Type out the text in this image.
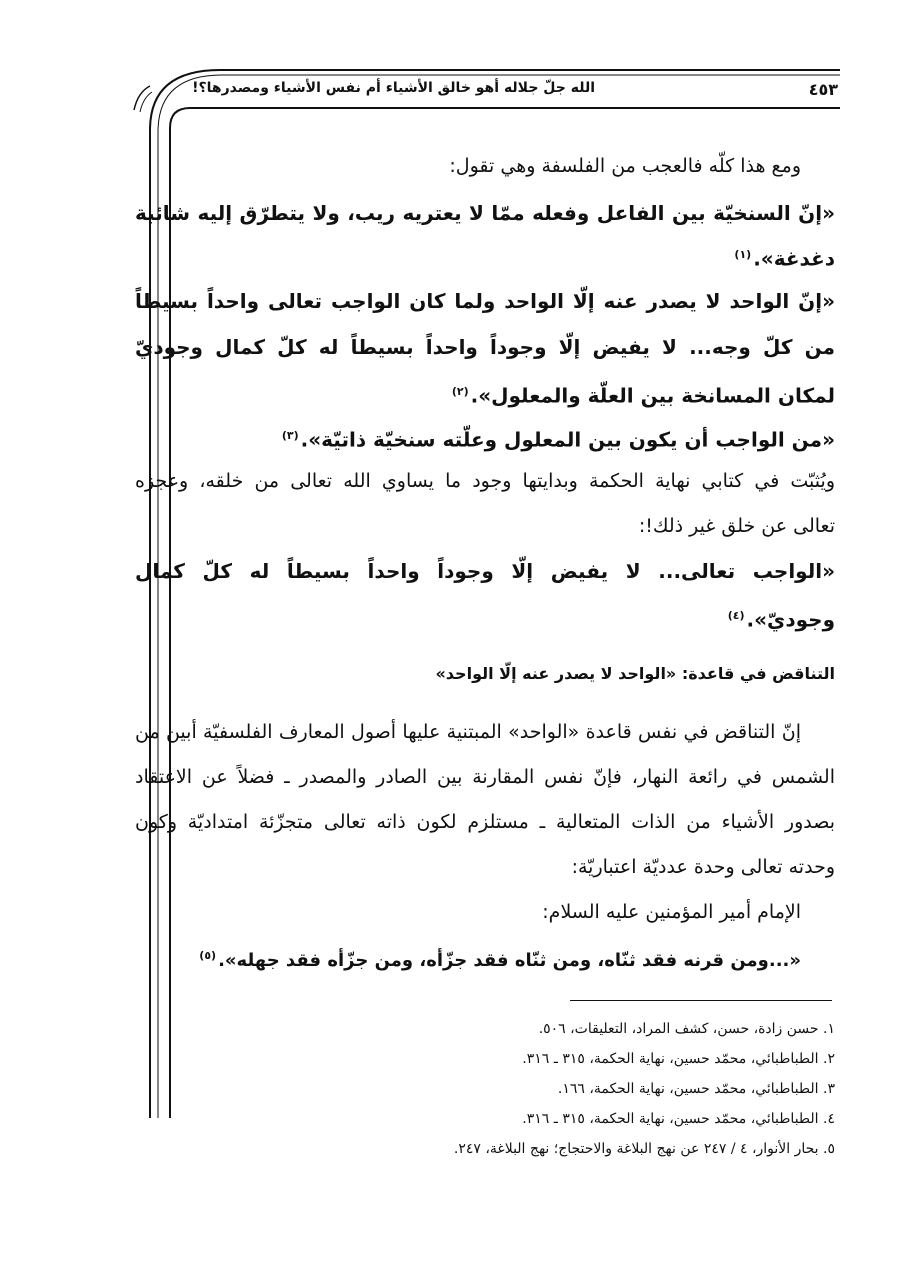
الله جلّ جلاله أهو خالق الأشياء أم نفس الأشياء ومصدرها؟!	٤٥٣
ومع هذا كلّه فالعجب من الفلسفة وهي تقول:
«إنّ السنخيّة بين الفاعل وفعله ممّا لا يعتريه ريب، ولا يتطرّق إليه شائبة
دغدغة».$^{(١)}$
«إنّ الواحد لا يصدر عنه إلّا الواحد ولما كان الواجب تعالى واحداً بسيطاً
من كلّ وجه... لا يفيض إلّا وجوداً واحداً بسيطاً له كلّ كمال وجوديّ
لمكان المسانخة بين العلّة والمعلول».$^{(٢)}$
«من الواجب أن يكون بين المعلول وعلّته سنخيّة ذاتيّة».$^{(٣)}$
ويُثبّت في كتابي نهاية الحكمة وبدايتها وجود ما يساوي الله تعالى من خلقه، وعجزه
تعالى عن خلق غير ذلك!:
«الواجب تعالى... لا يفيض إلّا وجوداً واحداً بسيطاً له كلّ كمال
وجوديّ».$^{(٤)}$
التناقض في قاعدة: «الواحد لا يصدر عنه إلّا الواحد»
إنّ التناقض في نفس قاعدة «الواحد» المبتنية عليها أصول المعارف الفلسفيّة أبين من
الشمس في رائعة النهار، فإنّ نفس المقارنة بين الصادر والمصدر ـ فضلاً عن الاعتقاد
بصدور الأشياء من الذات المتعالية ـ مستلزم لكون ذاته تعالى متجزّئة امتداديّة وكون
وحدته تعالى وحدة عدديّة اعتباريّة:
الإمام أمير المؤمنين عليه السلام:
«...ومن قرنه فقد ثنّاه، ومن ثنّاه فقد جزّأه، ومن جزّأه فقد جهله».$^{(٥)}$
١. حسن زادة، حسن، كشف المراد، التعليقات، ٥٠٦.
٢. الطباطبائي، محمّد حسين، نهاية الحكمة، ٣١٥ ـ ٣١٦.
٣. الطباطبائي، محمّد حسين، نهاية الحكمة، ١٦٦.
٤. الطباطبائي، محمّد حسين، نهاية الحكمة، ٣١٥ ـ ٣١٦.
٥. بحار الأنوار، ٤ / ٢٤٧ عن نهج البلاغة والاحتجاج؛ نهج البلاغة، ٢٤٧.
